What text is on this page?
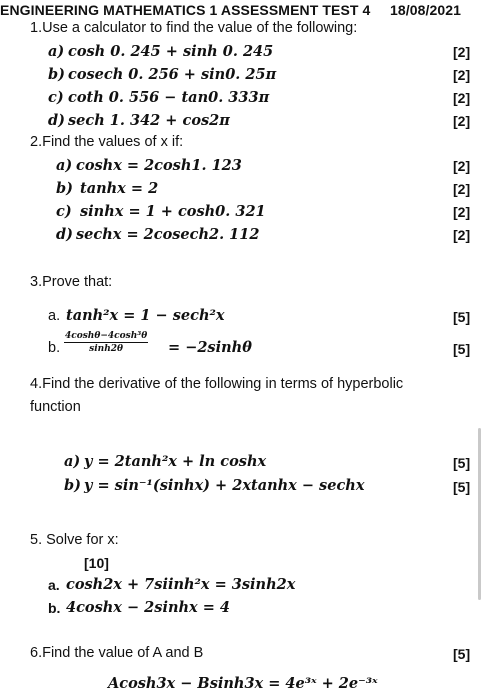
ENGINEERING MATHEMATICS 1 ASSESSMENT TEST 4 18/08/2021
1.Use a calculator to find the value of the following:
a) cosh 0. 245 + sinh 0. 245	[2]
b) cosech 0. 256 + sin0. 25π	[2]
c) coth 0. 556 − tan0. 333π	[2]
d) sech 1. 342 + cos2π	[2]
2.Find the values of x if:
a) coshx = 2cosh1. 123	[2]
b) tanhx = 2	[2]
c) sinhx = 1 + cosh0. 321	[2]
d) sechx = 2cosech2. 112	[2]
3.Prove that:
a. tanh²x = 1 − sech²x	[5]
b. $\frac{\text{4coshθ−4cosh³θ}}{\sinh 2\theta} = -2\sinh\theta$	[5]
4.Find the derivative of the following in terms of hyperbolic
function
a) y = 2tanh²x + ln coshx	[5]
b) y = sin⁻¹(sinhx) + 2xtanhx − sechx	[5]
5. Solve for x:
[10]
a. cosh2x + 7siinh²x = 3sinh2x
b. 4coshx − 2sinhx = 4
6.Find the value of A and B	[5]
Acosh3x − Bsinh3x = 4e³ˣ + 2e⁻³ˣ
